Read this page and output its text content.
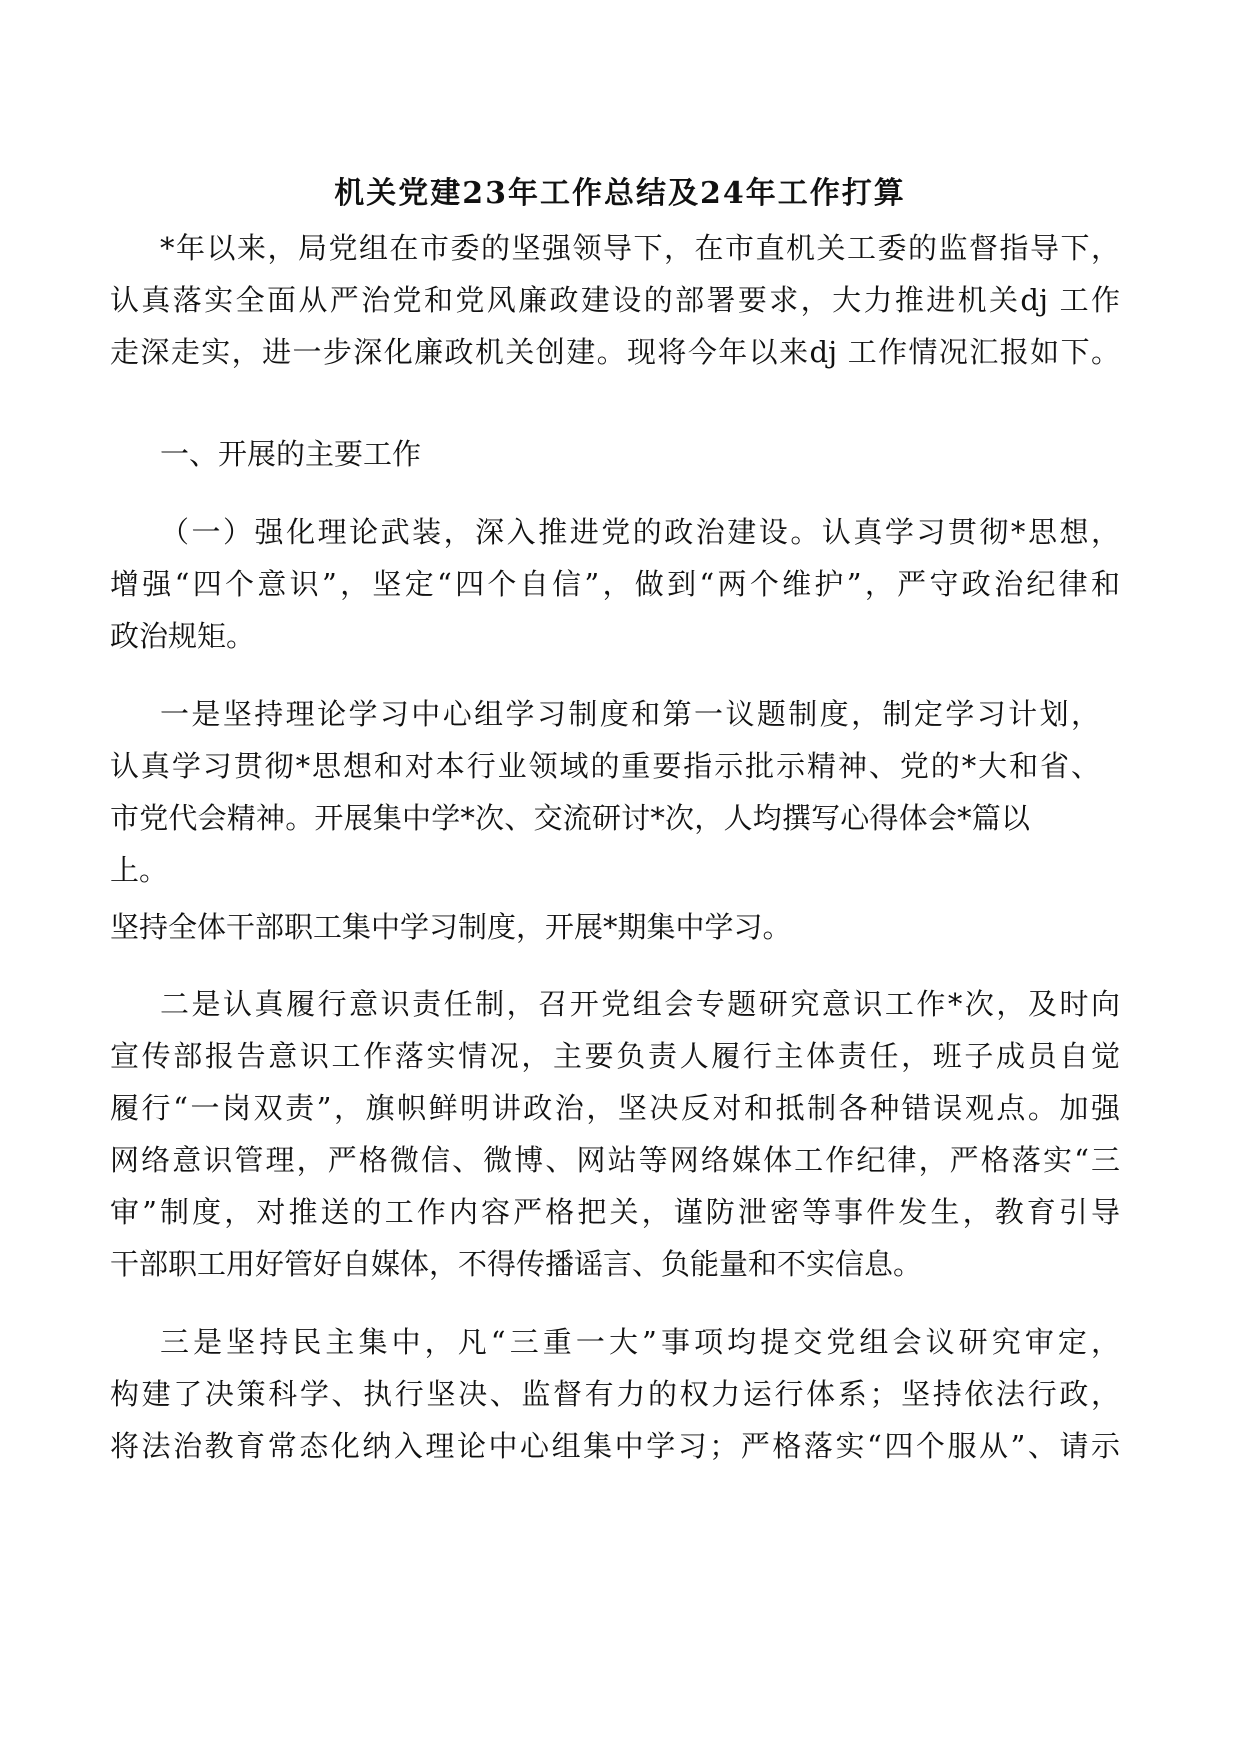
机关党建23年工作总结及24年工作打算
*年以来，局党组在市委的坚强领导下，在市直机关工委的监督指导下，
认真落实全面从严治党和党风廉政建设的部署要求，大力推进机关dj 工作
走深走实，进一步深化廉政机关创建。现将今年以来dj 工作情况汇报如下。
一、开展的主要工作
（一）强化理论武装，深入推进党的政治建设。认真学习贯彻*思想，
增强“四个意识”，坚定“四个自信”，做到“两个维护”，严守政治纪律和
政治规矩。
一是坚持理论学习中心组学习制度和第一议题制度，制定学习计划，
认真学习贯彻*思想和对本行业领域的重要指示批示精神、党的*大和省、
市党代会精神。开展集中学*次、交流研讨*次，人均撰写心得体会*篇以
上。
坚持全体干部职工集中学习制度，开展*期集中学习。
二是认真履行意识责任制，召开党组会专题研究意识工作*次，及时向
宣传部报告意识工作落实情况，主要负责人履行主体责任，班子成员自觉
履行“一岗双责”，旗帜鲜明讲政治，坚决反对和抵制各种错误观点。加强
网络意识管理，严格微信、微博、网站等网络媒体工作纪律，严格落实“三
审”制度，对推送的工作内容严格把关，谨防泄密等事件发生，教育引导
干部职工用好管好自媒体，不得传播谣言、负能量和不实信息。
三是坚持民主集中，凡“三重一大”事项均提交党组会议研究审定，
构建了决策科学、执行坚决、监督有力的权力运行体系；坚持依法行政，
将法治教育常态化纳入理论中心组集中学习；严格落实“四个服从”、请示
